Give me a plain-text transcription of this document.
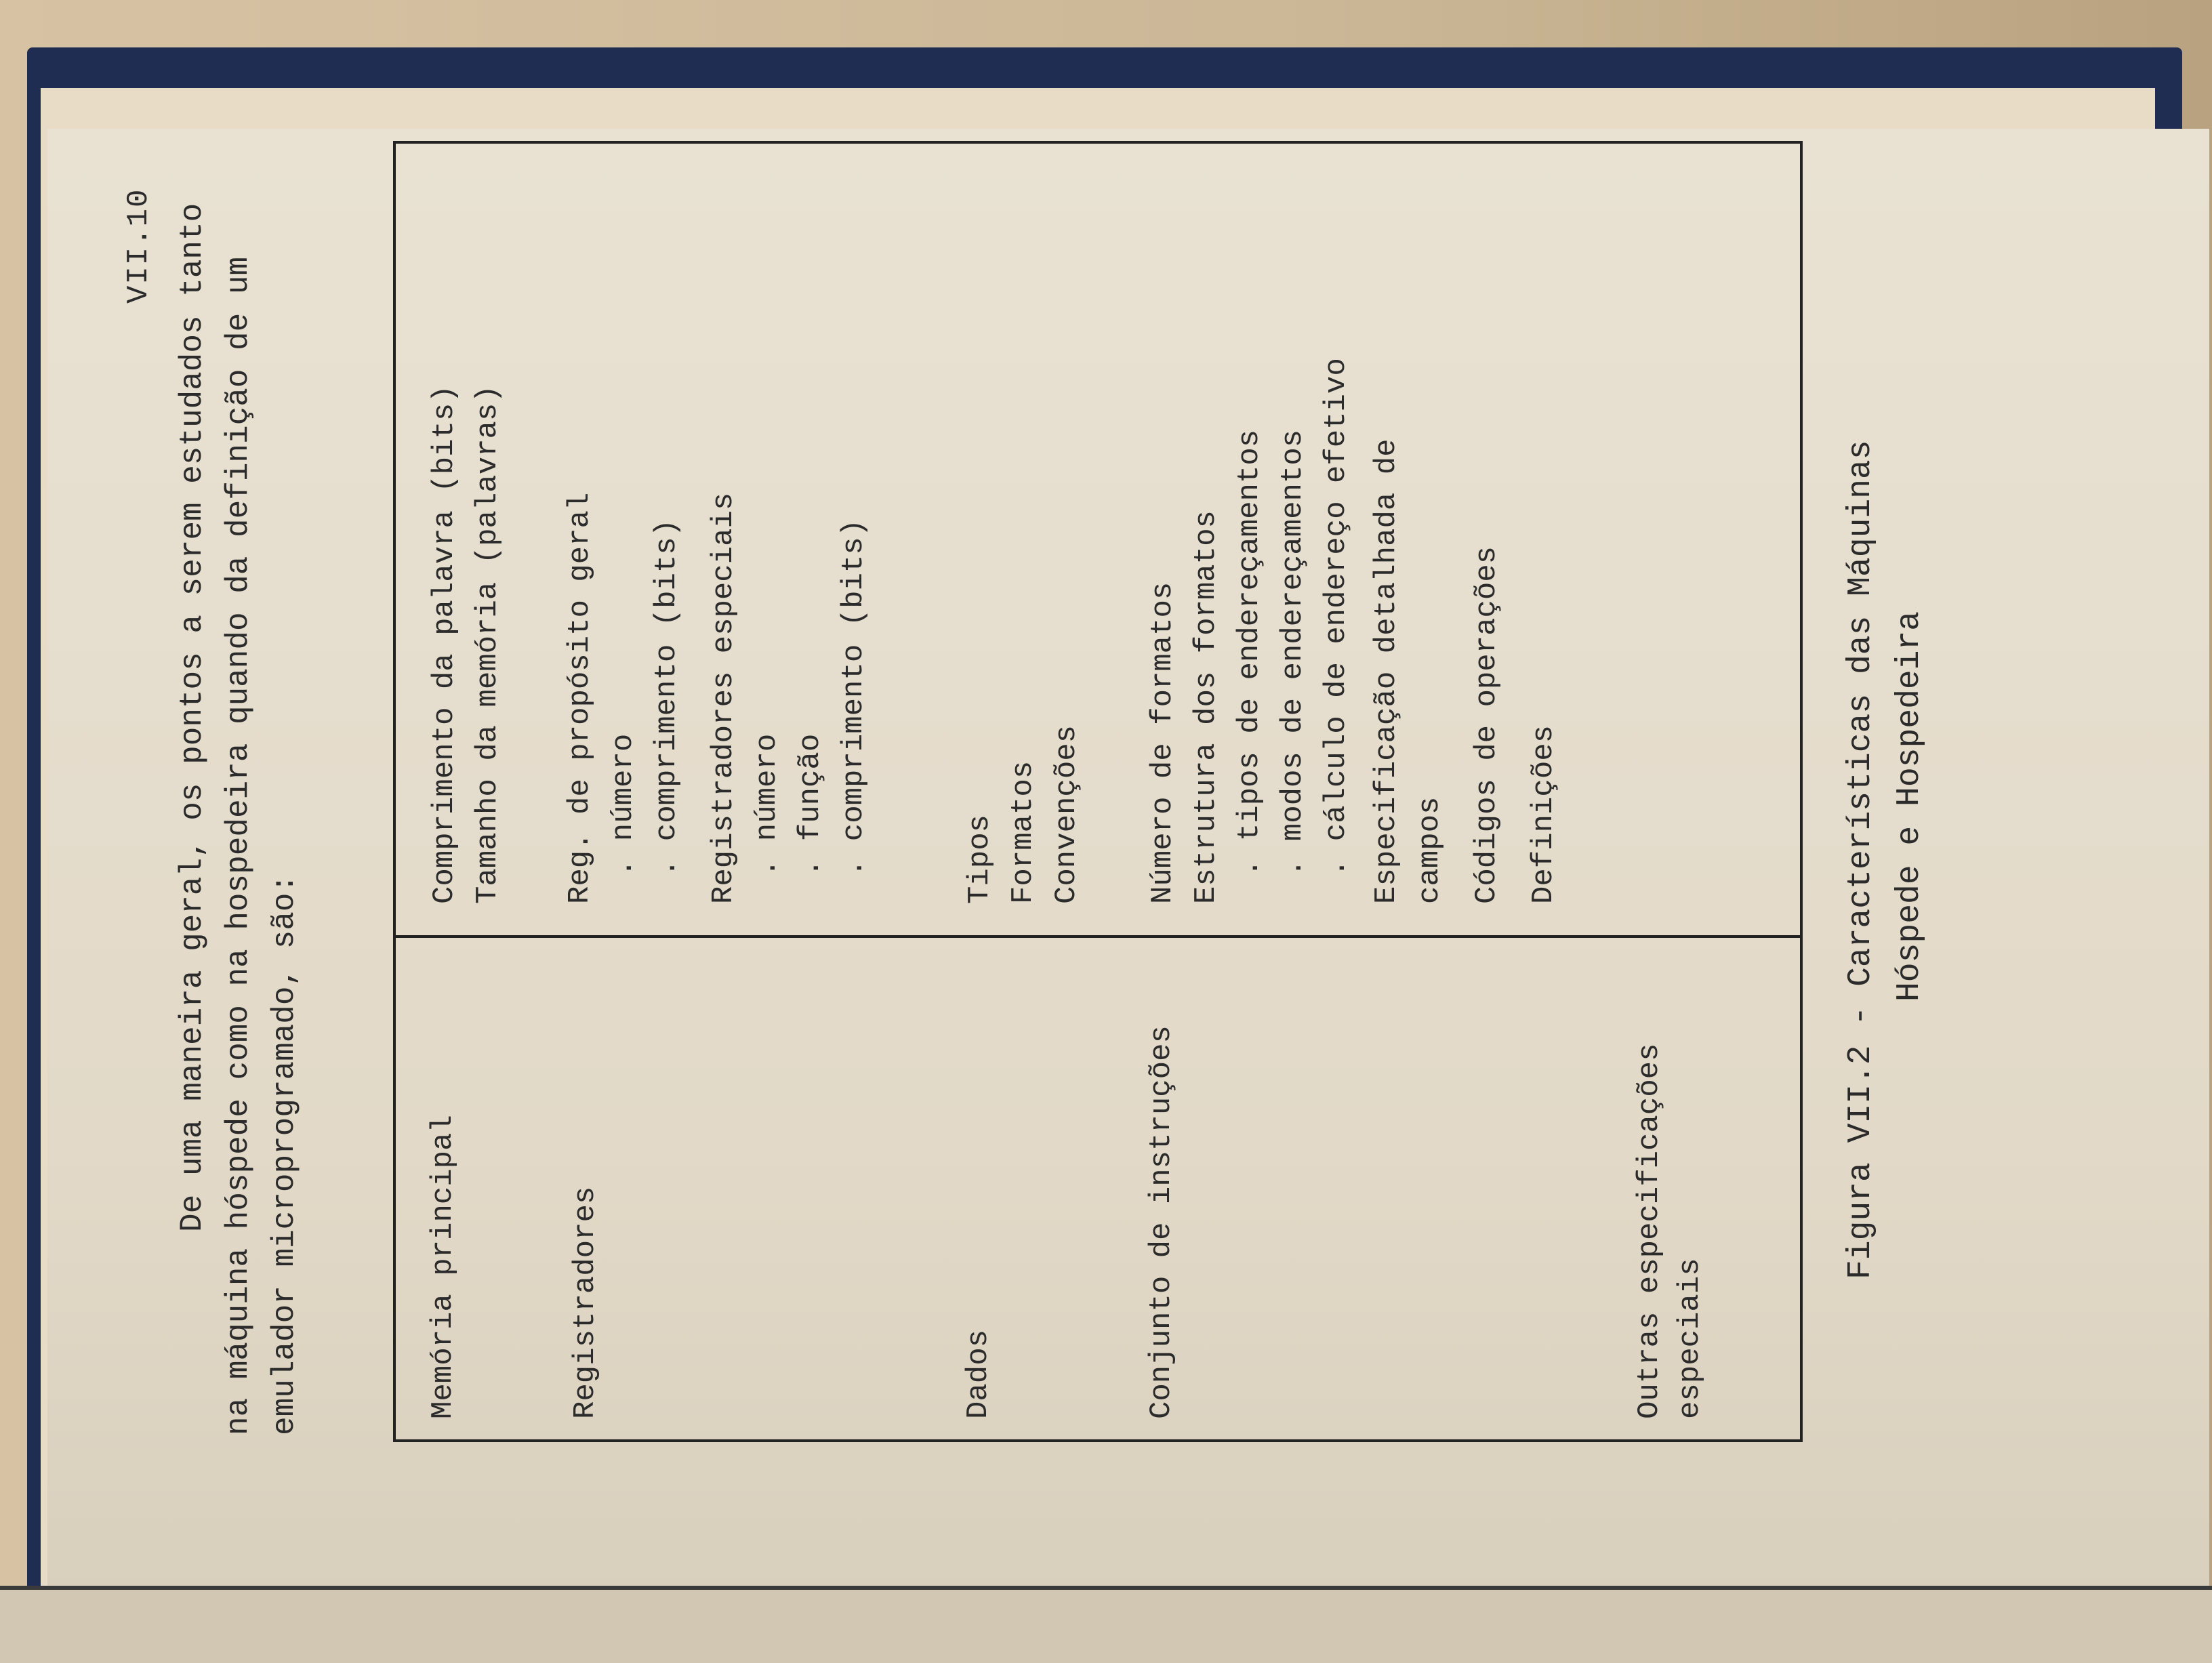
VII.10 De uma maneira geral, os pontos a serem estudados tanto na máquina hóspede como na hospedeira quando da definição de um emulador microprogramado, são:	Memória principal
Comprimento da palavra (bits) Tamanho da memória (palavras)
Registradores
Reg. de propósito geral . número . comprimento (bits) Registradores especiais . número . função . comprimento (bits)
Dados
Tipos Formatos Convenções
Conjunto de instruções
Número de formatos Estrutura dos formatos . tipos de endereçamentos . modos de endereçamentos . cálculo de endereço efetivo Especificação detalhada de campos Códigos de operações Definições
Outras especificações especiais
Figura VII.2 - Características das Máquinas Hóspede e Hospedeira
